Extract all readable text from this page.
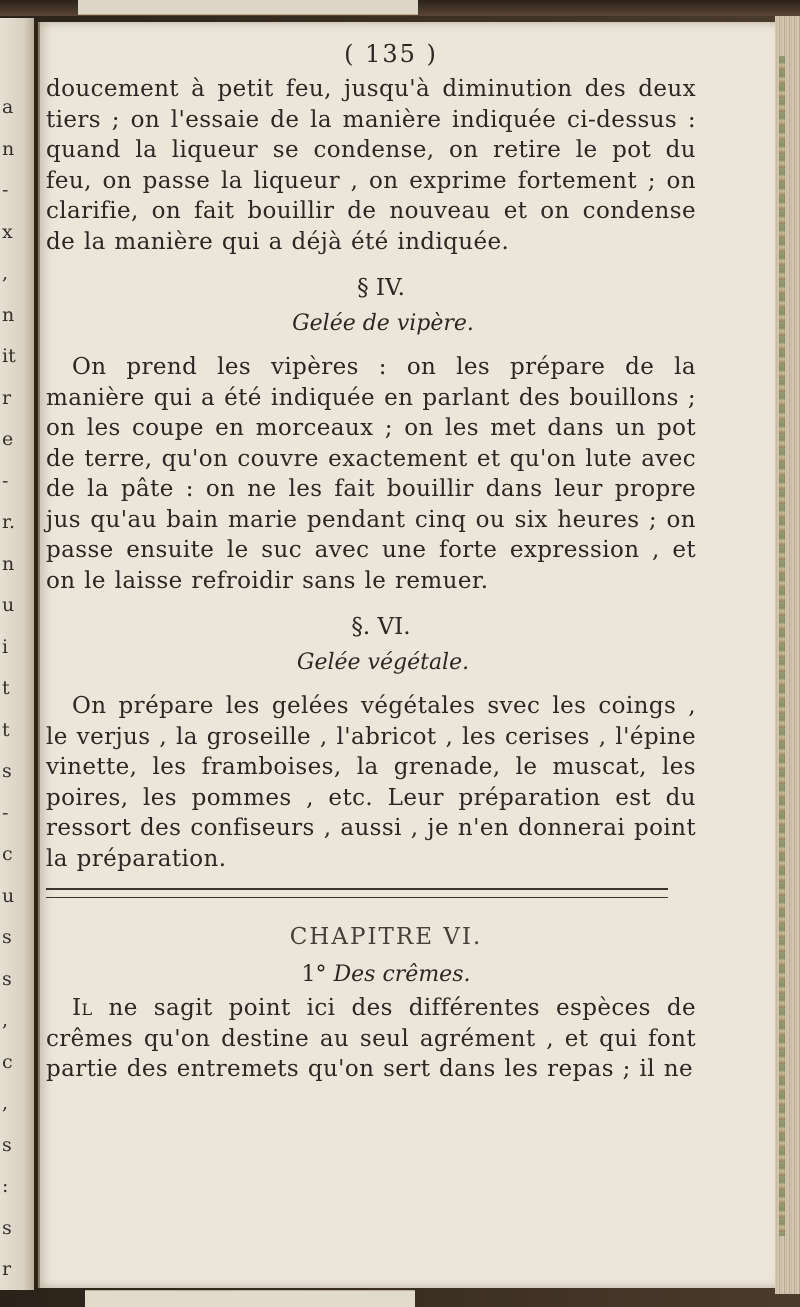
a
n
-
x
,
n
it
r
e
-
r.
n
u
i
t
t
s
-
c
u
s
s
,
c
,
s
:
s
r
( 135 )

doucement à petit feu, jusqu'à diminution des deux tiers ; on l'essaie de la manière indiquée ci-dessus : quand la liqueur se condense, on retire le pot du feu, on passe la liqueur , on exprime fortement ; on clarifie, on fait bouillir de nouveau et on condense de la manière qui a déjà été indiquée.

§ IV.
Gelée de vipère.

On prend les vipères : on les prépare de la manière qui a été indiquée en parlant des bouillons ; on les coupe en morceaux ; on les met dans un pot de terre, qu'on couvre exactement et qu'on lute avec de la pâte : on ne les fait bouillir dans leur propre jus qu'au bain marie pendant cinq ou six heures ; on passe ensuite le suc avec une forte expression , et on le laisse refroidir sans le remuer.

§. VI.
Gelée végétale.

On prépare les gelées végétales svec les coings , le verjus , la groseille , l'abricot , les cerises , l'épine vinette, les framboises, la grenade, le muscat, les poires, les pommes , etc. Leur préparation est du ressort des confiseurs , aussi , je n'en donnerai point la préparation.

CHAPITRE VI.
1° Des crêmes.

Il ne sagit point ici des différentes espèces de crêmes qu'on destine au seul agrément , et qui font partie des entremets qu'on sert dans les repas ; il ne
